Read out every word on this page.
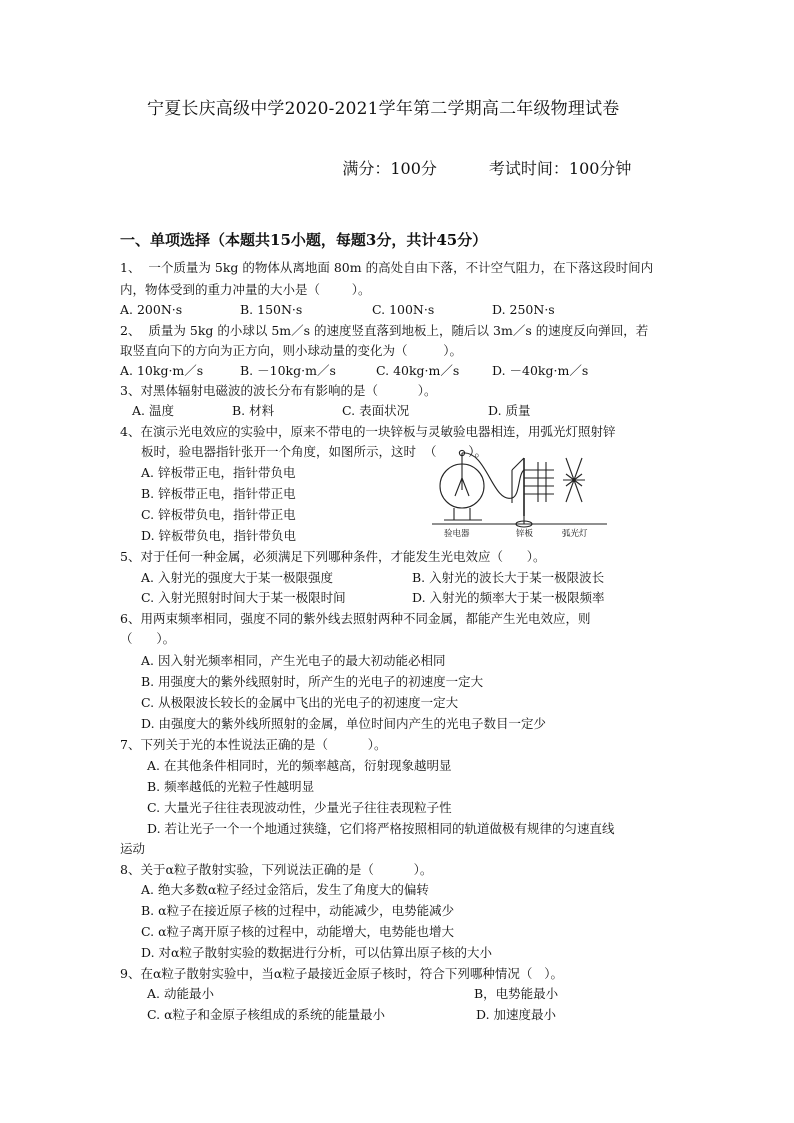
宁夏长庆高级中学2020-2021学年第二学期高二年级物理试卷

满分：100分	考试时间：100分钟

一、单项选择（本题共15小题，每题3分，共计45分）
1、  一个质量为 5kg 的物体从离地面 80m 的高处自由下落，不计空气阻力，在下落这段时间内
内，物体受到的重力冲量的大小是（        ）。
A. 200N·s	B. 150N·s	C. 100N·s	D. 250N·s
2、  质量为 5kg 的小球以 5m／s 的速度竖直落到地板上，随后以 3m／s 的速度反向弹回，若
取竖直向下的方向为正方向，则小球动量的变化为（         ）。
A. 10kg·m／s	B. －10kg·m／s	C. 40kg·m／s	D. －40kg·m／s
3、对黑体辐射电磁波的波长分布有影响的是（          ）。
A. 温度	B. 材料	C. 表面状况	D. 质量
4、在演示光电效应的实验中，原来不带电的一块锌板与灵敏验电器相连，用弧光灯照射锌
板时，验电器指针张开一个角度，如图所示，这时  （        ）。
A. 锌板带正电，指针带负电
B. 锌板带正电，指针带正电
C. 锌板带负电，指针带正电
D. 锌板带负电，指针带负电	验电器	锌板	弧光灯
5、对于任何一种金属，必须满足下列哪种条件，才能发生光电效应（      ）。
A. 入射光的强度大于某一极限强度	B. 入射光的波长大于某一极限波长
C. 入射光照射时间大于某一极限时间	D. 入射光的频率大于某一极限频率
6、用两束频率相同，强度不同的紫外线去照射两种不同金属，都能产生光电效应，则
（      ）。
A. 因入射光频率相同，产生光电子的最大初动能必相同
B. 用强度大的紫外线照射时，所产生的光电子的初速度一定大
C. 从极限波长较长的金属中飞出的光电子的初速度一定大
D. 由强度大的紫外线所照射的金属，单位时间内产生的光电子数目一定少
7、下列关于光的本性说法正确的是（          ）。
A. 在其他条件相同时，光的频率越高，衍射现象越明显
B. 频率越低的光粒子性越明显
C. 大量光子往往表现波动性，少量光子往往表现粒子性
D. 若让光子一个一个地通过狭缝，它们将严格按照相同的轨道做极有规律的匀速直线
运动
8、关于α粒子散射实验，下列说法正确的是（          ）。
A. 绝大多数α粒子经过金箔后，发生了角度大的偏转
B. α粒子在接近原子核的过程中，动能减少，电势能减少
C. α粒子离开原子核的过程中，动能增大，电势能也增大
D. 对α粒子散射实验的数据进行分析，可以估算出原子核的大小
9、在α粒子散射实验中，当α粒子最接近金原子核时，符合下列哪种情况（   ）。
A. 动能最小	B，电势能最小
C. α粒子和金原子核组成的系统的能量最小	D. 加速度最小
